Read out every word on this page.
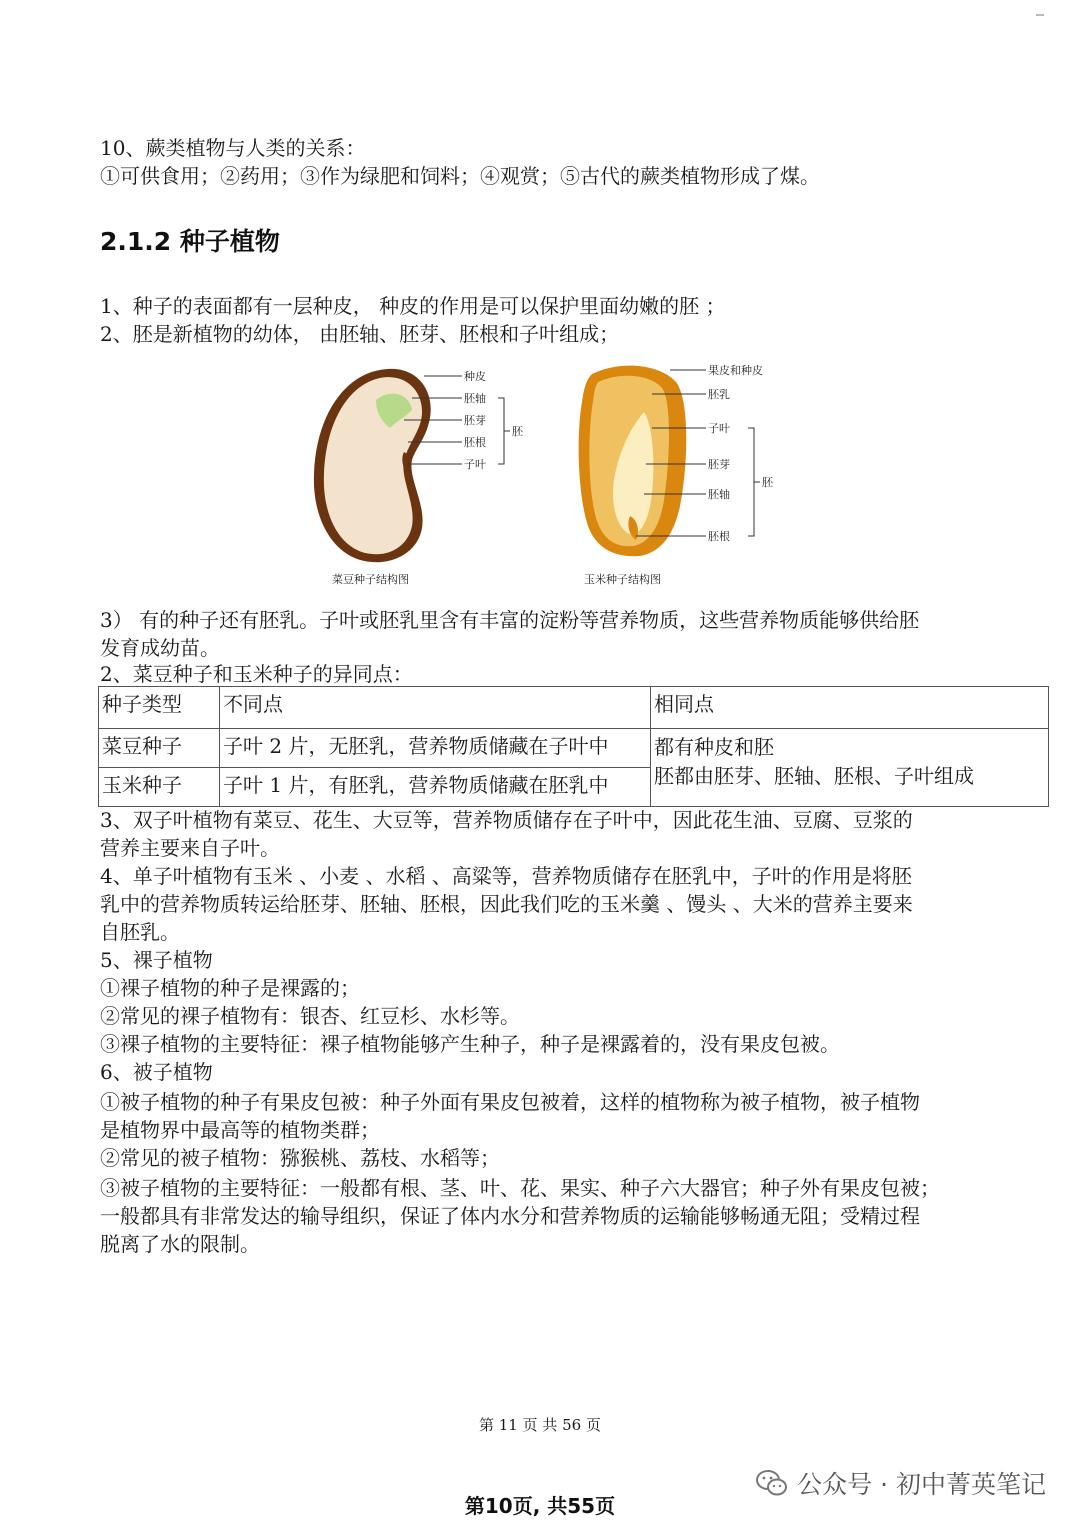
10、蕨类植物与人类的关系：
①可供食用；②药用；③作为绿肥和饲料；④观赏；⑤古代的蕨类植物形成了煤。
2.1.2 种子植物
1、种子的表面都有一层种皮， 种皮的作用是可以保护里面幼嫩的胚 ；
2、胚是新植物的幼体， 由胚轴、胚芽、胚根和子叶组成；
种皮
胚轴
胚芽
胚根
子叶
胚
菜豆种子结构图
果皮和种皮
胚乳
子叶
胚芽
胚轴
胚根
胚
玉米种子结构图
3） 有的种子还有胚乳。子叶或胚乳里含有丰富的淀粉等营养物质，这些营养物质能够供给胚
发育成幼苗。
2、菜豆种子和玉米种子的异同点：
种子类型	不同点	相同点
菜豆种子	子叶 2 片，无胚乳，营养物质储藏在子叶中	都有种皮和胚
胚都由胚芽、胚轴、胚根、子叶组成

玉米种子	子叶 1 片，有胚乳，营养物质储藏在胚乳中	
3、双子叶植物有菜豆、花生、大豆等，营养物质储存在子叶中，因此花生油、豆腐、豆浆的
营养主要来自子叶。
4、单子叶植物有玉米 、小麦 、水稻 、高粱等，营养物质储存在胚乳中，子叶的作用是将胚
乳中的营养物质转运给胚芽、胚轴、胚根，因此我们吃的玉米羹 、馒头 、大米的营养主要来
自胚乳。
5、裸子植物
①裸子植物的种子是裸露的；
②常见的裸子植物有：银杏、红豆杉、水杉等。
③裸子植物的主要特征：裸子植物能够产生种子，种子是裸露着的，没有果皮包被。
6、被子植物
①被子植物的种子有果皮包被：种子外面有果皮包被着，这样的植物称为被子植物，被子植物
是植物界中最高等的植物类群；
②常见的被子植物：猕猴桃、荔枝、水稻等；
③被子植物的主要特征：一般都有根、茎、叶、花、果实、种子六大器官；种子外有果皮包被；
一般都具有非常发达的输导组织，保证了体内水分和营养物质的运输能够畅通无阻；受精过程
脱离了水的限制。
第 11 页 共 56 页
公众号 · 初中菁英笔记
第10页, 共55页
